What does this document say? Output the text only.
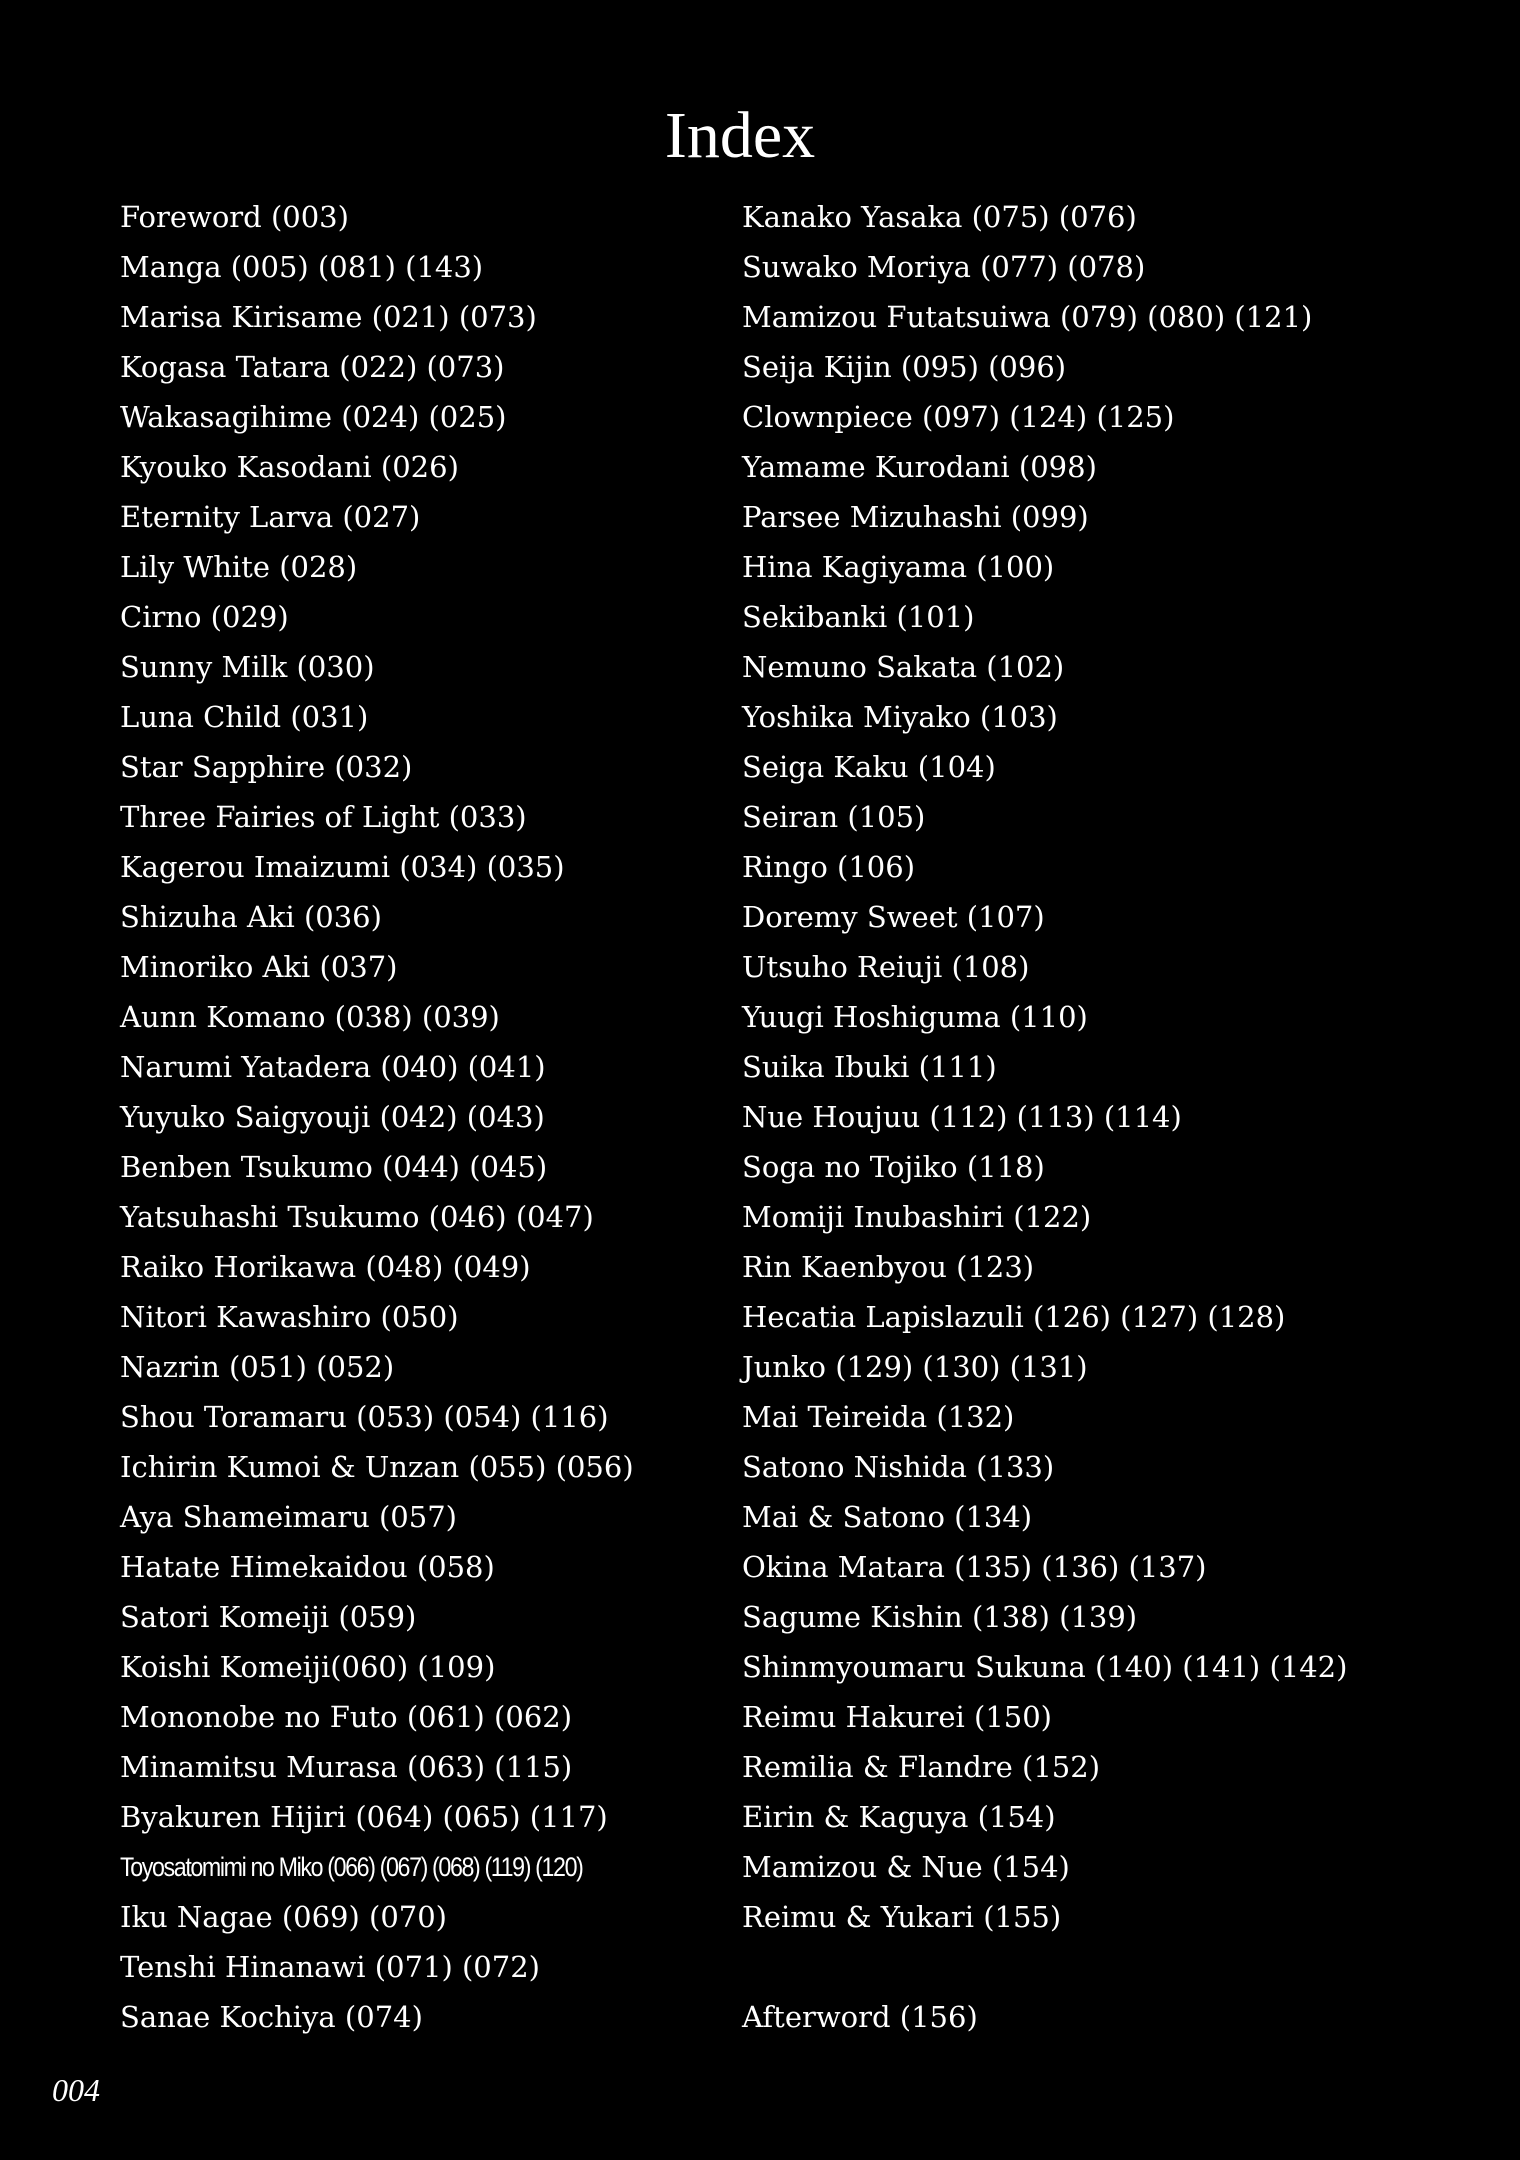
Index
Foreword (003)
Manga (005) (081) (143)
Marisa Kirisame (021) (073)
Kogasa Tatara (022) (073)
Wakasagihime (024) (025)
Kyouko Kasodani (026)
Eternity Larva (027)
Lily White (028)
Cirno (029)
Sunny Milk (030)
Luna Child (031)
Star Sapphire (032)
Three Fairies of Light (033)
Kagerou Imaizumi (034) (035)
Shizuha Aki (036)
Minoriko Aki (037)
Aunn Komano (038) (039)
Narumi Yatadera (040) (041)
Yuyuko Saigyouji (042) (043)
Benben Tsukumo (044) (045)
Yatsuhashi Tsukumo (046) (047)
Raiko Horikawa (048) (049)
Nitori Kawashiro (050)
Nazrin (051) (052)
Shou Toramaru (053) (054) (116)
Ichirin Kumoi & Unzan (055) (056)
Aya Shameimaru (057)
Hatate Himekaidou (058)
Satori Komeiji (059)
Koishi Komeiji(060) (109)
Mononobe no Futo (061) (062)
Minamitsu Murasa (063) (115)
Byakuren Hijiri (064) (065) (117)
Toyosatomimi no Miko (066) (067) (068) (119) (120)
Iku Nagae (069) (070)
Tenshi Hinanawi (071) (072)
Sanae Kochiya (074)
Kanako Yasaka (075) (076)
Suwako Moriya (077) (078)
Mamizou Futatsuiwa (079) (080) (121)
Seija Kijin (095) (096)
Clownpiece (097) (124) (125)
Yamame Kurodani (098)
Parsee Mizuhashi (099)
Hina Kagiyama (100)
Sekibanki (101)
Nemuno Sakata (102)
Yoshika Miyako (103)
Seiga Kaku (104)
Seiran (105)
Ringo (106)
Doremy Sweet (107)
Utsuho Reiuji (108)
Yuugi Hoshiguma (110)
Suika Ibuki (111)
Nue Houjuu (112) (113) (114)
Soga no Tojiko (118)
Momiji Inubashiri (122)
Rin Kaenbyou (123)
Hecatia Lapislazuli (126) (127) (128)
Junko (129) (130) (131)
Mai Teireida (132)
Satono Nishida (133)
Mai & Satono (134)
Okina Matara (135) (136) (137)
Sagume Kishin (138) (139)
Shinmyoumaru Sukuna (140) (141) (142)
Reimu Hakurei (150)
Remilia & Flandre (152)
Eirin & Kaguya (154)
Mamizou & Nue (154)
Reimu & Yukari (155)
Afterword (156)
004
